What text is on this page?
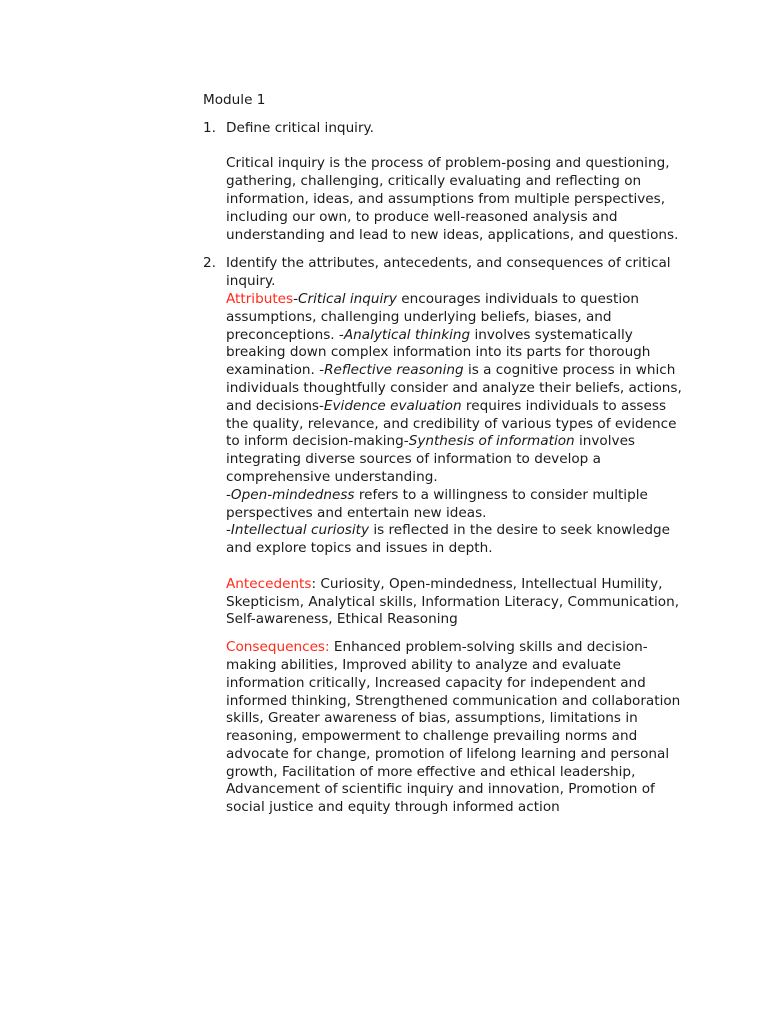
Module 1

1. Define critical inquiry.

Critical inquiry is the process of problem-posing and questioning, gathering, challenging, critically evaluating and reflecting on information, ideas, and assumptions from multiple perspectives, including our own, to produce well-reasoned analysis and understanding and lead to new ideas, applications, and questions.

2. Identify the attributes, antecedents, and consequences of critical inquiry.

Attributes-Critical inquiry encourages individuals to question assumptions, challenging underlying beliefs, biases, and preconceptions. -Analytical thinking involves systematically breaking down complex information into its parts for thorough examination. -Reflective reasoning is a cognitive process in which individuals thoughtfully consider and analyze their beliefs, actions, and decisions-Evidence evaluation requires individuals to assess the quality, relevance, and credibility of various types of evidence to inform decision-making-Synthesis of information involves integrating diverse sources of information to develop a comprehensive understanding.
-Open-mindedness refers to a willingness to consider multiple perspectives and entertain new ideas.
-Intellectual curiosity is reflected in the desire to seek knowledge and explore topics and issues in depth.

Antecedents: Curiosity, Open-mindedness, Intellectual Humility, Skepticism, Analytical skills, Information Literacy, Communication, Self-awareness, Ethical Reasoning

Consequences: Enhanced problem-solving skills and decision-making abilities, Improved ability to analyze and evaluate information critically, Increased capacity for independent and informed thinking, Strengthened communication and collaboration skills, Greater awareness of bias, assumptions, limitations in reasoning, empowerment to challenge prevailing norms and advocate for change, promotion of lifelong learning and personal growth, Facilitation of more effective and ethical leadership, Advancement of scientific inquiry and innovation, Promotion of social justice and equity through informed action
